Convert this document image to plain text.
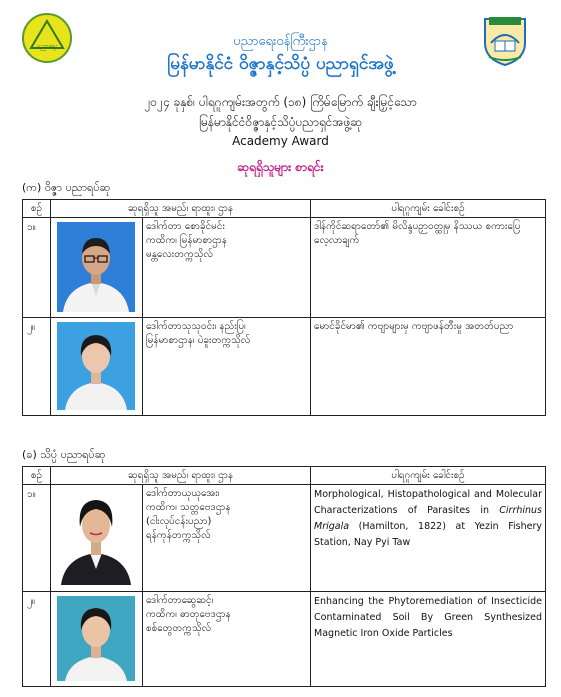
ပညာရေး	ပညာရေးဝန်ကြီးဌာန
မြန်မာနိုင်ငံ ဝိဇ္ဇာနှင့်သိပ္ပံ ပညာရှင်အဖွဲ့
၂၀၂၄ ခုနှစ်၊ ပါရဂူကျမ်းအတွက် (၁၈) ကြိမ်မြောက် ချီးမြှင့်သော
မြန်မာနိုင်ငံဝိဇ္ဇာနှင့်သိပ္ပံပညာရှင်အဖွဲ့ဆု
Academy Award
ဆုရရှိသူများ စာရင်း
(က) ဝိဇ္ဇာ ပညာရပ်ဆု
စဉ်	ဆုရရှိသူ အမည်၊ ရာထူး၊ ဌာန		ပါရဂူကျမ်း ခေါင်းစဉ်
၁။		ဒေါက်တာ စောခိုင်မင်း
ကထိက၊ မြန်မာစာဌာန
မန္တလေးတက္ကသိုလ်	ဒါန်ကိုင်ဆရာတော်၏ မိလိန္ဒပဉှာဝတ္ထုမှ နိဿယ စကားပြေလေ့လာချက်
၂။		ဒေါက်တာသုသုဝင်း၊ နည်းပြ၊
မြန်မာစာဌာန၊ ပဲခူးတက္ကသိုလ်	မောင်ခိုင်မာ၏ ကဗျာများမှ ကဗျာဖန်တီးမှု အတတ်ပညာ
(ခ) သိပ္ပံ ပညာရပ်ဆု
စဉ်	ဆုရရှိသူ အမည်၊ ရာထူး၊ ဌာန		ပါရဂူကျမ်း ခေါင်းစဉ်
၁။		ဒေါက်တာယုယုအေး၊
ကထိက၊ သတ္တဗေဒဌာန
(ငါးလုပ်ငန်းပညာ)
ရန်ကုန်တက္ကသိုလ်	Morphological, Histopathological and Molecular Characterizations of Parasites in Cirrhinus Mrigala (Hamilton, 1822) at Yezin Fishery Station, Nay Pyi Taw
၂။		ဒေါက်တာဆွေဆင့်၊
ကထိက၊ ဓာတုဗေဒဌာန
စစ်တွေတက္ကသိုလ်	Enhancing the Phytoremediation of Insecticide Contaminated Soil By Green Synthesized Magnetic Iron Oxide Particles
